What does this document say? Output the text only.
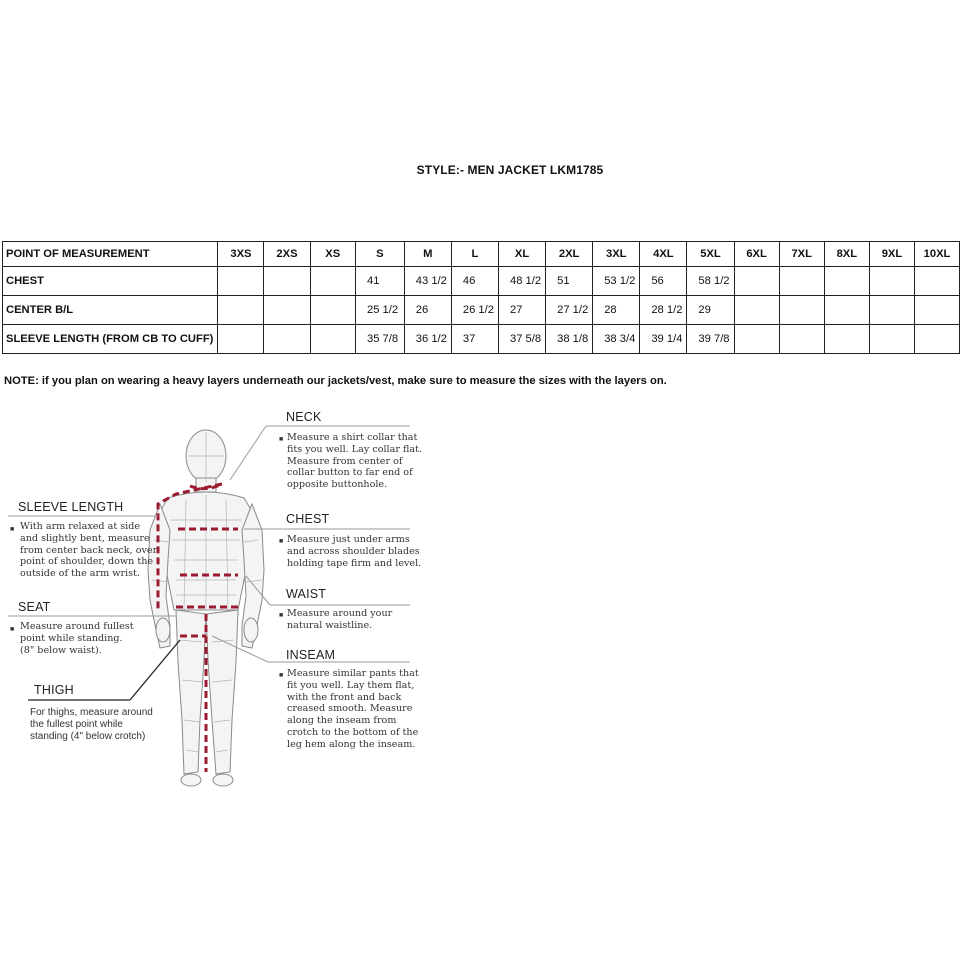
STYLE:- MEN JACKET LKM1785
POINT OF MEASUREMENT	3XS	2XS	XS	S	M	L	XL	2XL	3XL	4XL	5XL	6XL	7XL	8XL	9XL	10XL
CHEST				41	43 1/2	46	48 1/2	51	53 1/2	56	58 1/2					
CENTER B/L				25 1/2	26	26 1/2	27	27 1/2	28	28 1/2	29					
SLEEVE LENGTH (FROM CB TO CUFF)				35 7/8	36 1/2	37	37 5/8	38 1/8	38 3/4	39 1/4	39 7/8					
NOTE: if you plan on wearing a heavy layers underneath our jackets/vest, make sure to measure the sizes with the layers on.
NECK
■ Measure a shirt collar that
fits you well. Lay collar flat.
Measure from center of
collar button to far end of
opposite buttonhole.
CHEST
■ Measure just under arms
and across shoulder blades
holding tape firm and level.
WAIST
■ Measure around your
natural waistline.
INSEAM
■ Measure similar pants that
fit you well. Lay them flat,
with the front and back
creased smooth. Measure
along the inseam from
crotch to the bottom of the
leg hem along the inseam.
SLEEVE LENGTH
■ With arm relaxed at side
and slightly bent, measure
from center back neck, over
point of shoulder, down the
outside of the arm wrist.
SEAT
■ Measure around fullest
point while standing.
(8" below waist).
THIGH
For thighs, measure around
the fullest point while
standing (4" below crotch)
